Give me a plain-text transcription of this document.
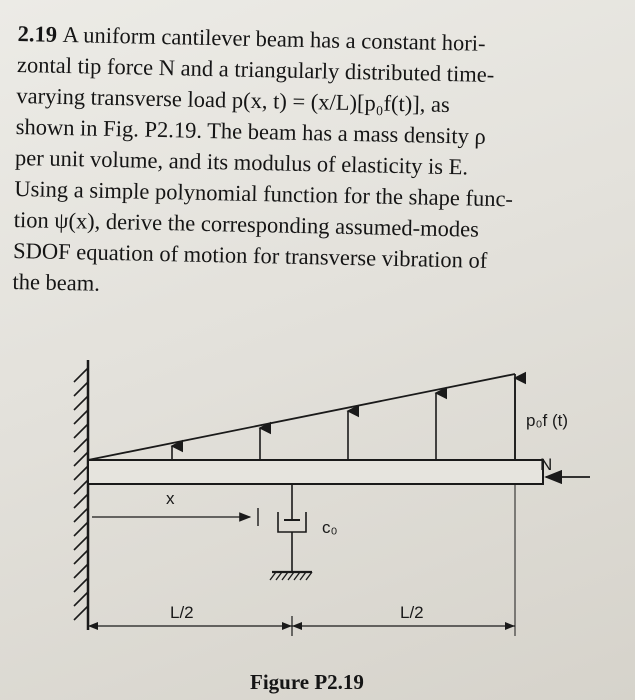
2.19 A uniform cantilever beam has a constant hori-
zontal tip force N and a triangularly distributed time-
varying transverse load p(x, t) = (x/L)[p₀f(t)], as
shown in Fig. P2.19. The beam has a mass density ρ
per unit volume, and its modulus of elasticity is E.
Using a simple polynomial function for the shape func-
tion ψ(x), derive the corresponding assumed-modes
SDOF equation of motion for transverse vibration of
the beam.
p₀f (t)
N
x
c₀
L/2	L/2
Figure P2.19
